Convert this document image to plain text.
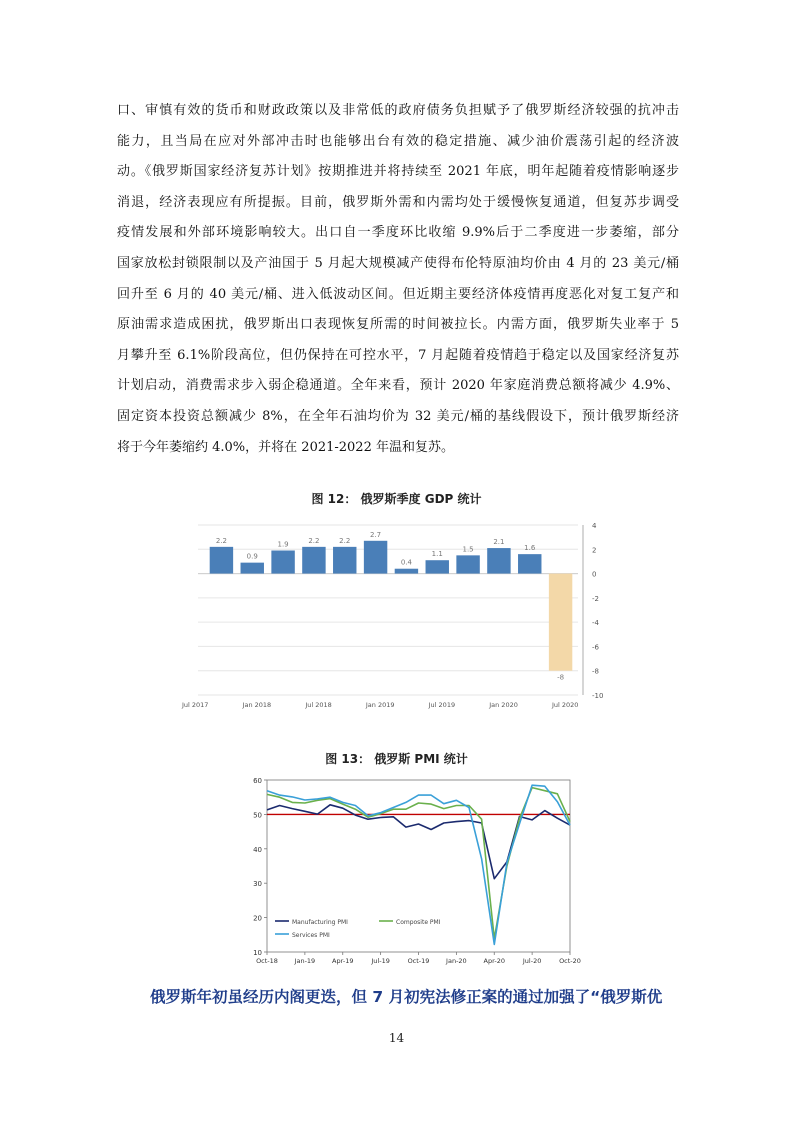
口、审慎有效的货币和财政政策以及非常低的政府债务负担赋予了俄罗斯经济较强的抗冲击
能力，且当局在应对外部冲击时也能够出台有效的稳定措施、减少油价震荡引起的经济波
动。《俄罗斯国家经济复苏计划》按期推进并将持续至 2021 年底，明年起随着疫情影响逐步
消退，经济表现应有所提振。目前，俄罗斯外需和内需均处于缓慢恢复通道，但复苏步调受
疫情发展和外部环境影响较大。出口自一季度环比收缩 9.9%后于二季度进一步萎缩，部分
国家放松封锁限制以及产油国于 5 月起大规模减产使得布伦特原油均价由 4 月的 23 美元/桶
回升至 6 月的 40 美元/桶、进入低波动区间。但近期主要经济体疫情再度恶化对复工复产和
原油需求造成困扰，俄罗斯出口表现恢复所需的时间被拉长。内需方面，俄罗斯失业率于 5
月攀升至 6.1%阶段高位，但仍保持在可控水平，7 月起随着疫情趋于稳定以及国家经济复苏
计划启动，消费需求步入弱企稳通道。全年来看，预计 2020 年家庭消费总额将减少 4.9%、
固定资本投资总额减少 8%，在全年石油均价为 32 美元/桶的基线假设下，预计俄罗斯经济
将于今年萎缩约 4.0%，并将在 2021-2022 年温和复苏。
图 12： 俄罗斯季度 GDP 统计
4
2
0
-2
-4
-6
-8
-10
2.2
0.9
1.9	2.2	2.2
2.7
0.4
1.1
1.5
2.1
1.6
-8
Jul 2017	Jan 2018	Jul 2018	Jan 2019	Jul 2019	Jan 2020	Jul 2020
图 13： 俄罗斯 PMI 统计
60
50
40
30
20
10
Oct-18	Jan-19	Apr-19	Jul-19	Oct-19	Jan-20	Apr-20	Jul-20	Oct-20
Manufacturing PMI	Composite PMI
Services PMI
俄罗斯年初虽经历内阁更迭，但 7 月初宪法修正案的通过加强了“俄罗斯优
14
